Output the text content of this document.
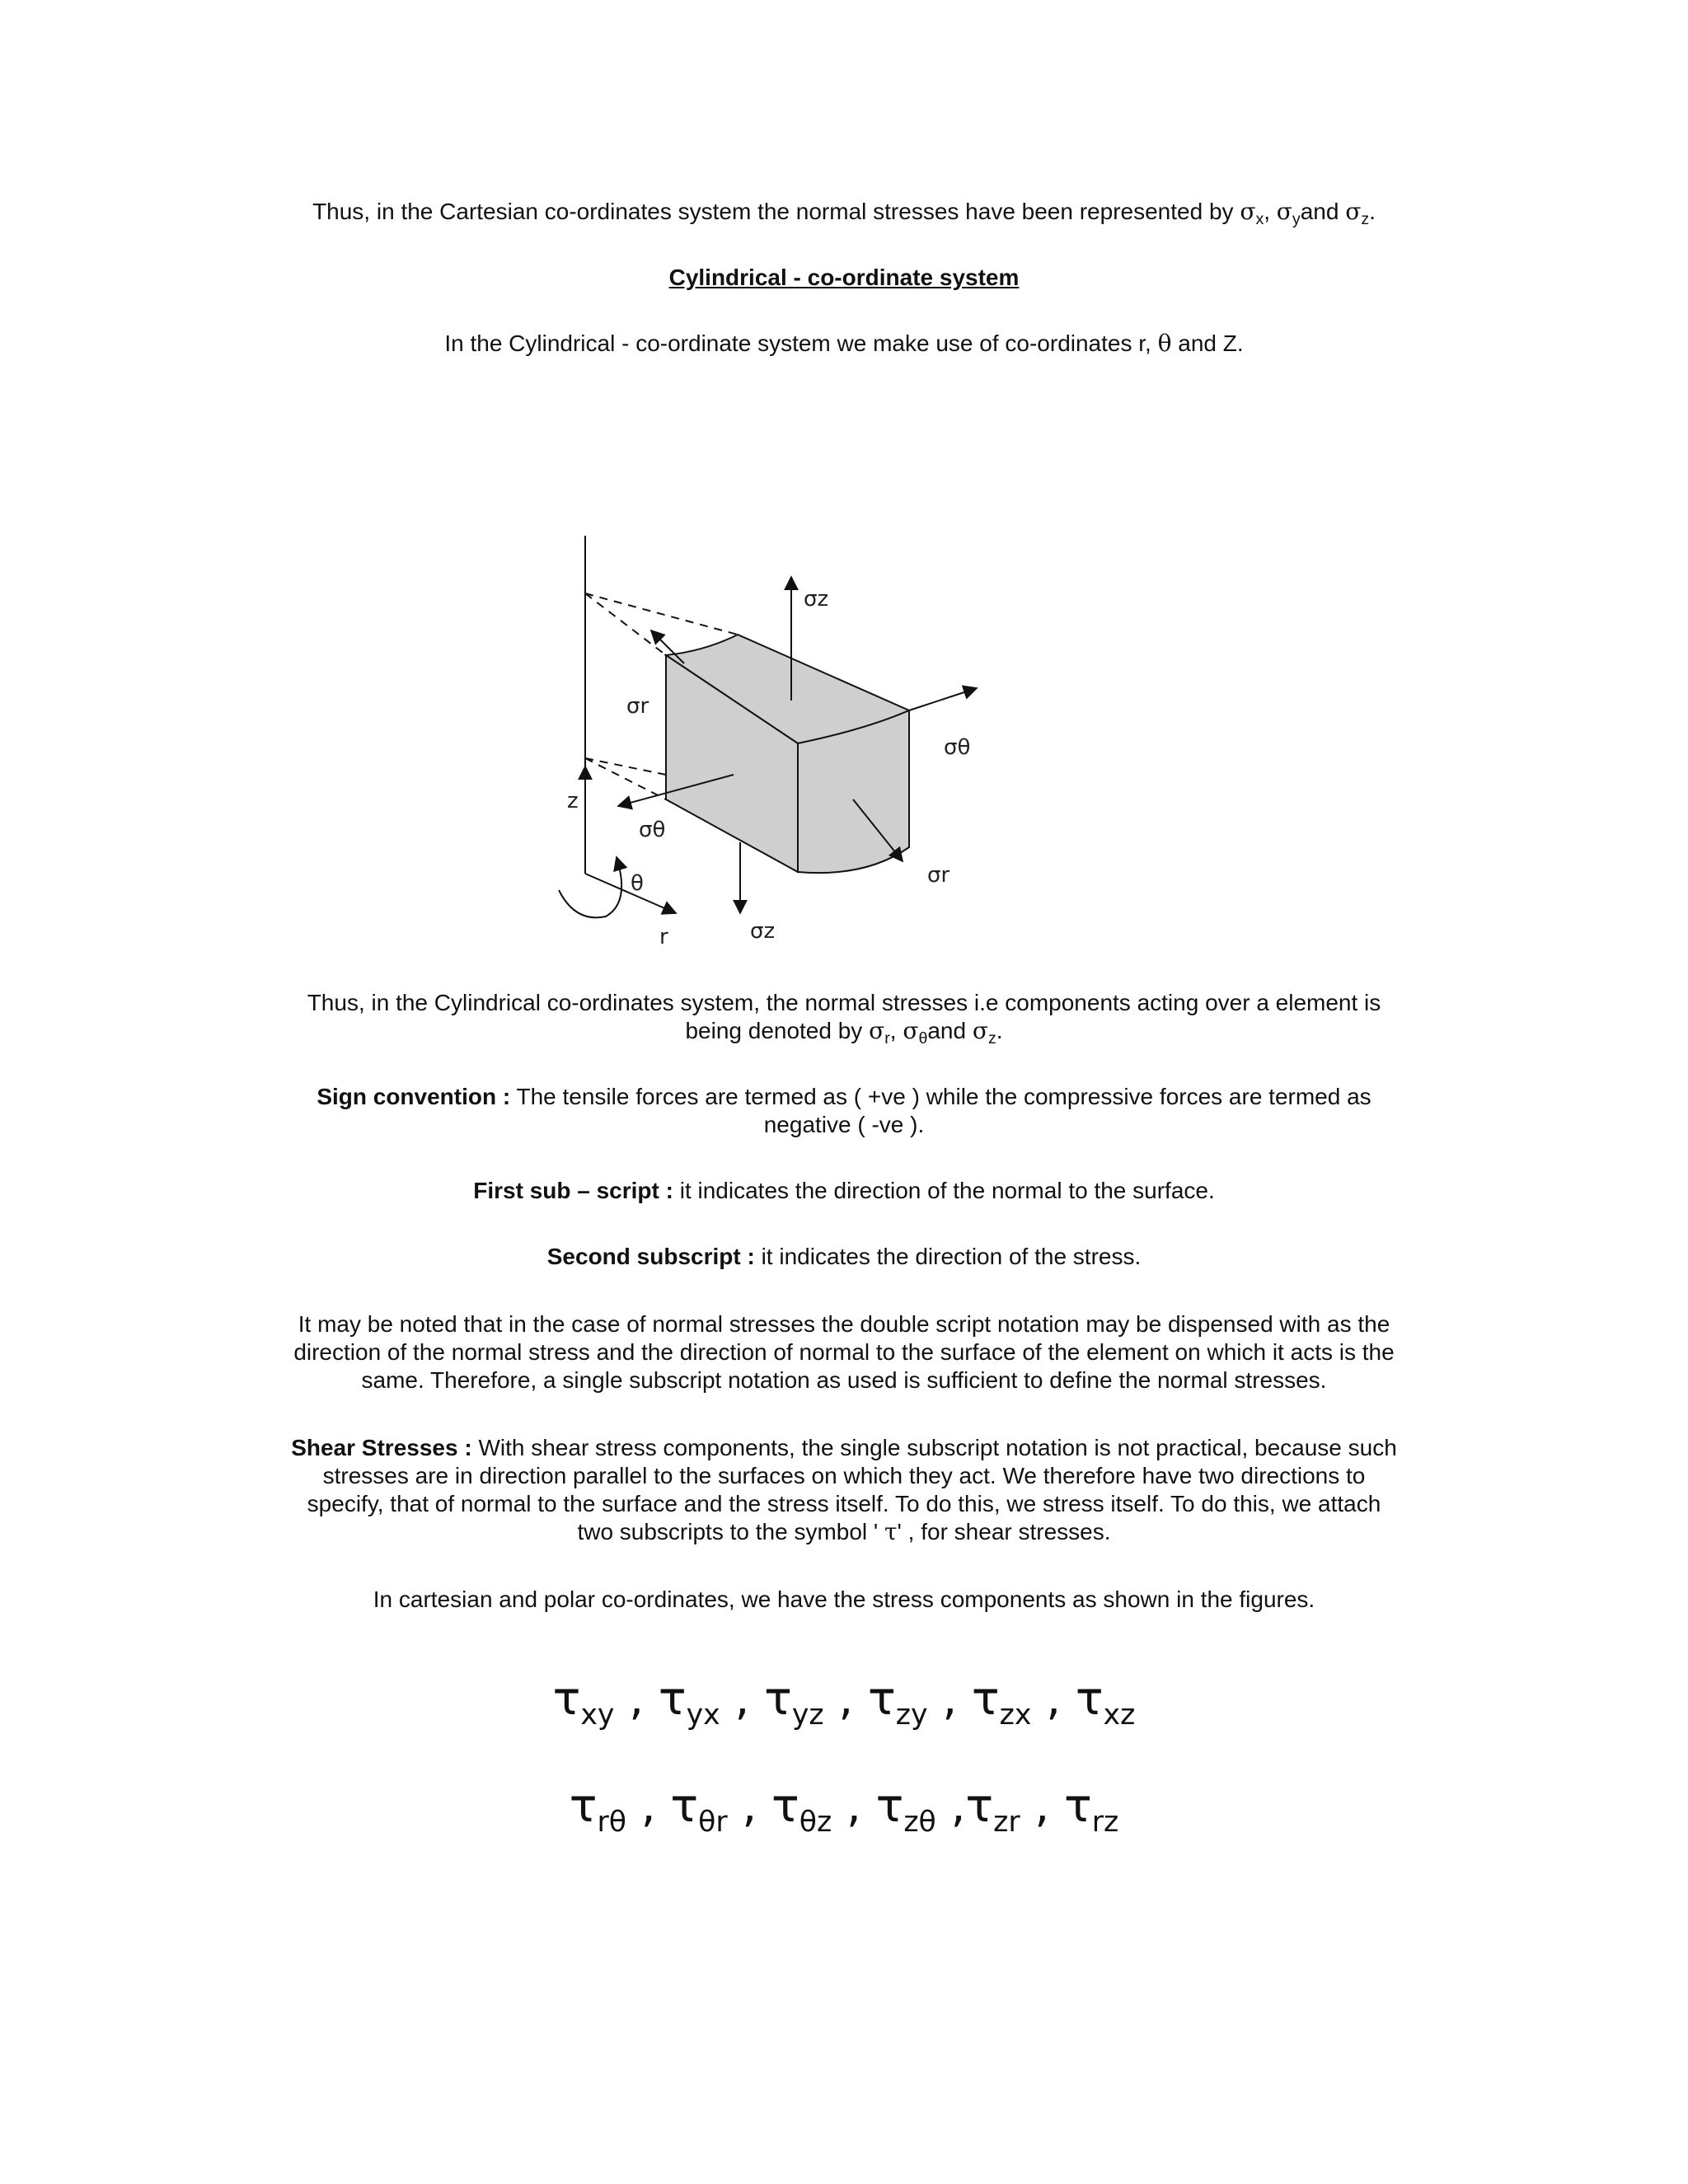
Thus, in the Cartesian co-ordinates system the normal stresses have been represented by $\sigma_x$, $\sigma_yand$ $\sigma_z$.
Cylindrical - co-ordinate system
In the Cylindrical - co-ordinate system we make use of co-ordinates r, θ and Z.
σz
σr
σθ
z
σθ
θ	σr
r	σz
Thus, in the Cylindrical co-ordinates system, the normal stresses i.e components acting over a element is
being denoted by $\sigma_r$, $\sigma_\theta and$ $\sigma_z$.
Sign convention : The tensile forces are termed as ( +ve ) while the compressive forces are termed as
negative ( -ve ).
First sub – script : it indicates the direction of the normal to the surface.
Second subscript : it indicates the direction of the stress.
It may be noted that in the case of normal stresses the double script notation may be dispensed with as the
direction of the normal stress and the direction of normal to the surface of the element on which it acts is the
same. Therefore, a single subscript notation as used is sufficient to define the normal stresses.
Shear Stresses : With shear stress components, the single subscript notation is not practical, because such
stresses are in direction parallel to the surfaces on which they act. We therefore have two directions to
specify, that of normal to the surface and the stress itself. To do this, we stress itself. To do this, we attach
two subscripts to the symbol ' τ' , for shear stresses.
In cartesian and polar co-ordinates, we have the stress components as shown in the figures.
$\tau_{xy}$ , $\tau_{yx}$ , $\tau_{yz}$ , $\tau_{zy}$ , $\tau_{zx}$ , $\tau_{xz}$
$\tau_{r\theta}$ , $\tau_{\theta r}$ , $\tau_{\theta z}$ , $\tau_{z\theta}$ $,\tau_{zr}$ , $\tau_{rz}$
